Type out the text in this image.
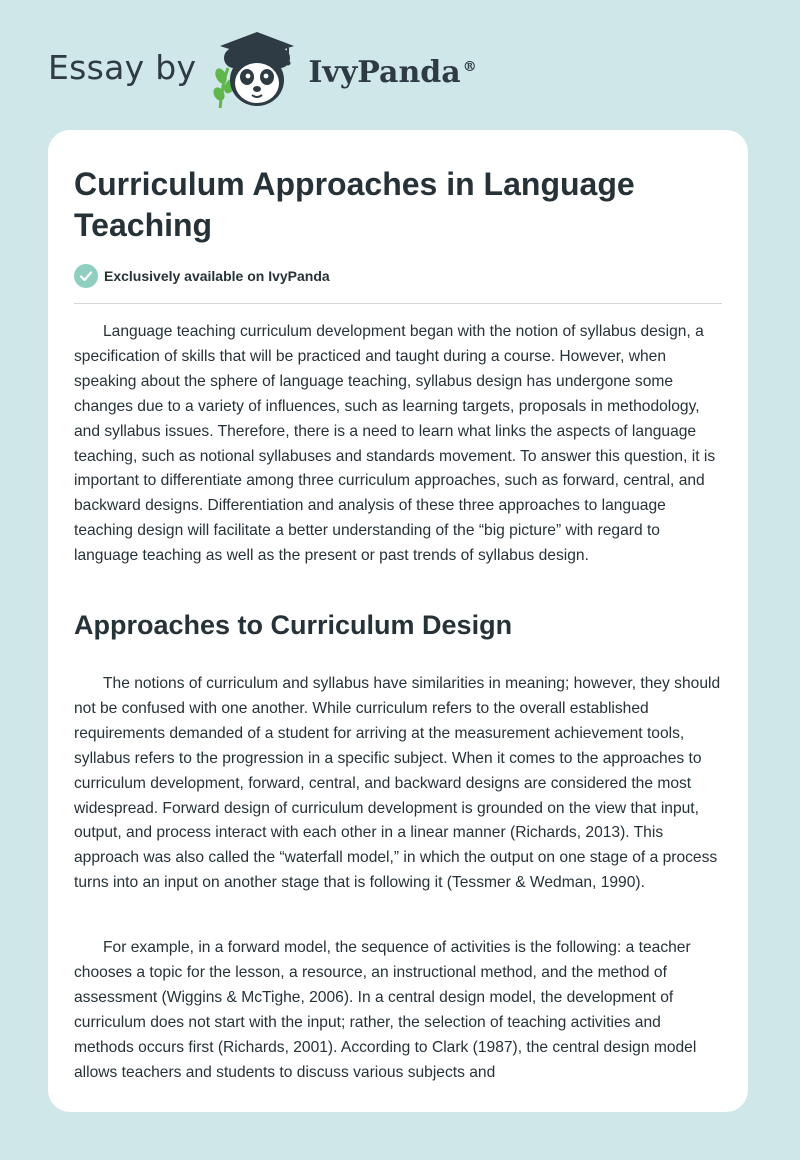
Essay by	IvyPanda ®
Curriculum Approaches in Language Teaching
Exclusively available on IvyPanda

Language teaching curriculum development began with the notion of syllabus design, a specification of skills that will be practiced and taught during a course. However, when speaking about the sphere of language teaching, syllabus design has undergone some changes due to a variety of influences, such as learning targets, proposals in methodology, and syllabus issues. Therefore, there is a need to learn what links the aspects of language teaching, such as notional syllabuses and standards movement. To answer this question, it is important to differentiate among three curriculum approaches, such as forward, central, and backward designs. Differentiation and analysis of these three approaches to language teaching design will facilitate a better understanding of the “big picture” with regard to language teaching as well as the present or past trends of syllabus design.

Approaches to Curriculum Design

The notions of curriculum and syllabus have similarities in meaning; however, they should not be confused with one another. While curriculum refers to the overall established requirements demanded of a student for arriving at the measurement achievement tools, syllabus refers to the progression in a specific subject. When it comes to the approaches to curriculum development, forward, central, and backward designs are considered the most widespread. Forward design of curriculum development is grounded on the view that input, output, and process interact with each other in a linear manner (Richards, 2013). This approach was also called the “waterfall model,” in which the output on one stage of a process turns into an input on another stage that is following it (Tessmer & Wedman, 1990).

For example, in a forward model, the sequence of activities is the following: a teacher chooses a topic for the lesson, a resource, an instructional method, and the method of assessment (Wiggins & McTighe, 2006). In a central design model, the development of curriculum does not start with the input; rather, the selection of teaching activities and methods occurs first (Richards, 2001). According to Clark (1987), the central design model allows teachers and students to discuss various subjects and
